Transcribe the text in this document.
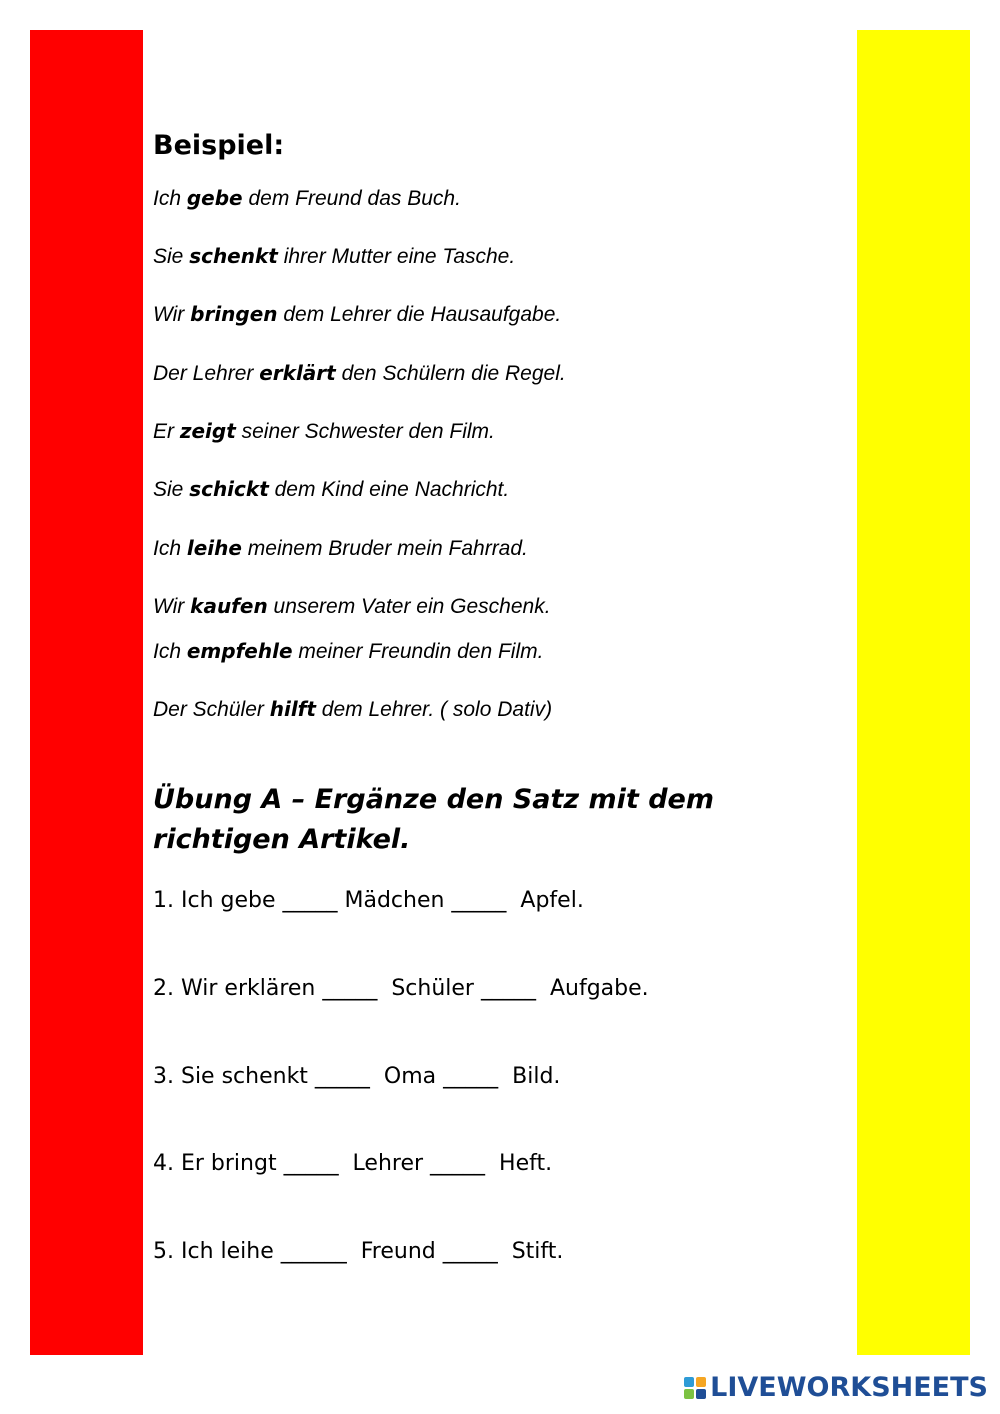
Beispiel:

Ich gebe dem Freund das Buch.

Sie schenkt ihrer Mutter eine Tasche.

Wir bringen dem Lehrer die Hausaufgabe.

Der Lehrer erklärt den Schülern die Regel.

Er zeigt seiner Schwester den Film.

Sie schickt dem Kind eine Nachricht.

Ich leihe meinem Bruder mein Fahrrad.

Wir kaufen unserem Vater ein Geschenk.

Ich empfehle meiner Freundin den Film.

Der Schüler hilft dem Lehrer. ( solo Dativ)

Übung A – Ergänze den Satz mit dem richtigen Artikel.

1. Ich gebe _____ Mädchen _____  Apfel.

2. Wir erklären _____  Schüler _____  Aufgabe.

3. Sie schenkt _____  Oma _____  Bild.

4. Er bringt _____  Lehrer _____  Heft.

5. Ich leihe ______  Freund _____  Stift.

LIVEWORKSHEETS
